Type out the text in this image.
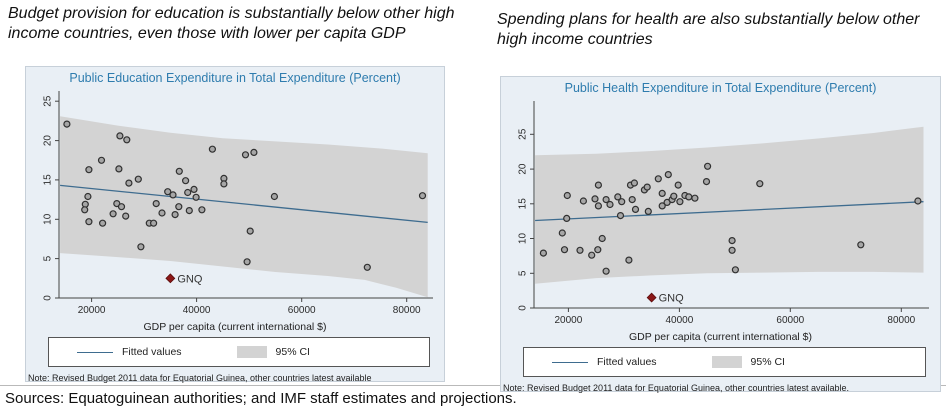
Budget provision for education is substantially below other high income countries, even those with lower per capita GDP
Spending plans for health are also substantially below other high income countries
Public Education Expenditure in Total Expenditure (Percent)
GNQ
0
5
10
15
20
25
20000	40000	60000	80000
GDP per capita (current international $)
Fitted values	95% CI
Note: Revised Budget 2011 data for Equatorial Guinea, other countries latest available
Public Health Expenditure in Total Expenditure (Percent)
GNQ
0
5
10
15
20
25
20000	40000	60000	80000
GDP per capita (current international $)
Fitted values	95% CI
Note: Revised Budget 2011 data for Equatorial Guinea, other countries latest available.
Sources: Equatoguinean authorities; and IMF staff estimates and projections.
